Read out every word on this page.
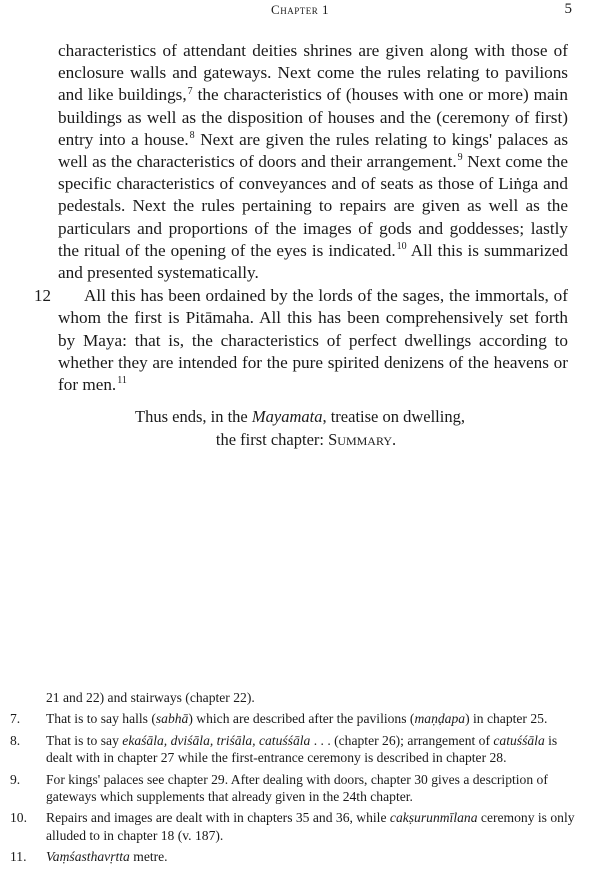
Chapter 1	5

characteristics of attendant deities shrines are given along with those of enclosure walls and gateways. Next come the rules relating to pavilions and like buildings,$^7$ the characteristics of (houses with one or more) main buildings as well as the disposition of houses and the (ceremony of first) entry into a house.$^8$ Next are given the rules relating to kings' palaces as well as the characteristics of doors and their arrangement.$^9$ Next come the specific characteristics of conveyances and of seats as those of Liṅga and pedestals. Next the rules pertaining to repairs are given as well as the particulars and proportions of the images of gods and goddesses; lastly the ritual of the opening of the eyes is indicated.$^{10}$ All this is summarized and presented systematically.

12 All this has been ordained by the lords of the sages, the immortals, of whom the first is Pitāmaha. All this has been comprehensively set forth by Maya: that is, the characteristics of perfect dwellings according to whether they are intended for the pure spirited denizens of the heavens or for men.$^{11}$

Thus ends, in the Mayamata, treatise on dwelling,
the first chapter: Summary.
21 and 22) and stairways (chapter 22).
7.	That is to say halls (sabhā) which are described after the pavilions (maṇḍapa) in chapter 25.
8.	That is to say ekaśāla, dviśāla, triśāla, catuśśāla . . . (chapter 26); arrangement of catuśśāla is dealt with in chapter 27 while the first-entrance ceremony is described in chapter 28.
9.	For kings' palaces see chapter 29. After dealing with doors, chapter 30 gives a description of gateways which supplements that already given in the 24th chapter.
10.	Repairs and images are dealt with in chapters 35 and 36, while cakṣurunmīlana ceremony is only alluded to in chapter 18 (v. 187).
11.	Vaṃśasthavṛtta metre.
